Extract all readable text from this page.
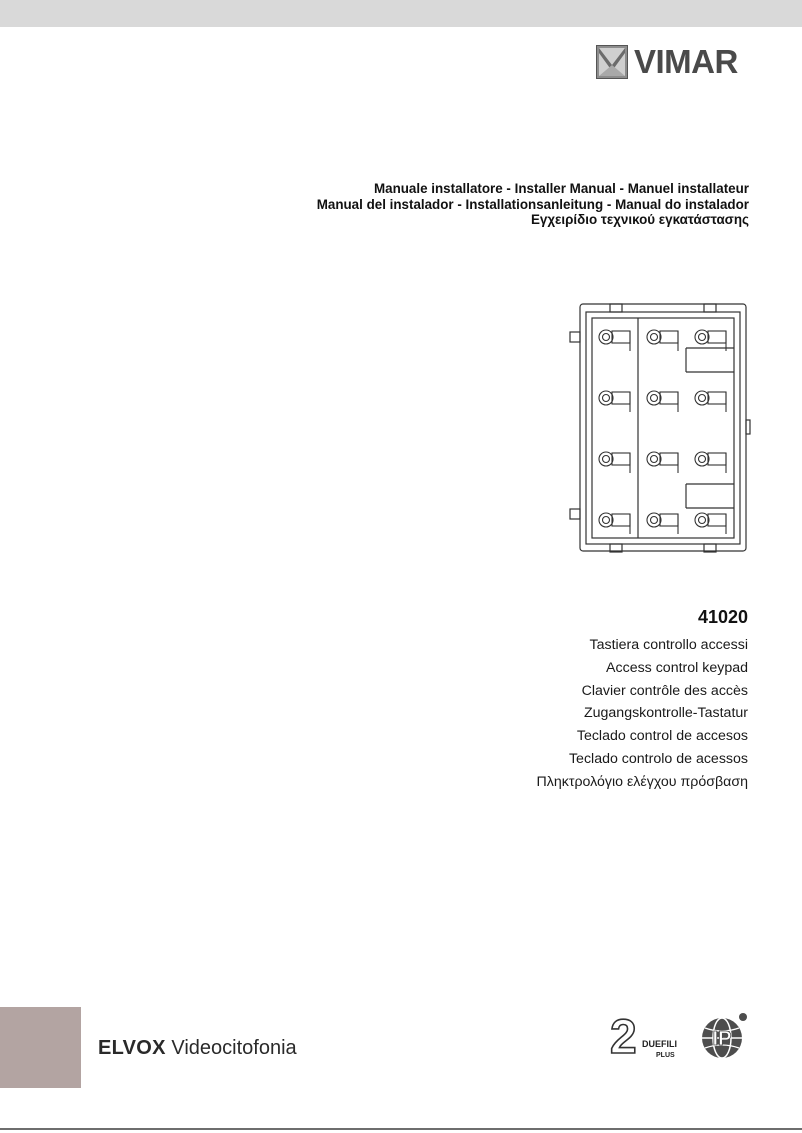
VIMAR
Manuale installatore - Installer Manual - Manuel installateur
Manual del instalador - Installationsanleitung - Manual do instalador
Εγχειρίδιο τεχνικού εγκατάστασης
41020
Tastiera controllo accessi
Access control keypad
Clavier contrôle des accès
Zugangskontrolle-Tastatur
Teclado control de accesos
Teclado controlo de acessos
Πληκτρολόγιο ελέγχου πρόσβαση
ELVOX Videocitofonia	2 DUEFILI
PLUS
IP
